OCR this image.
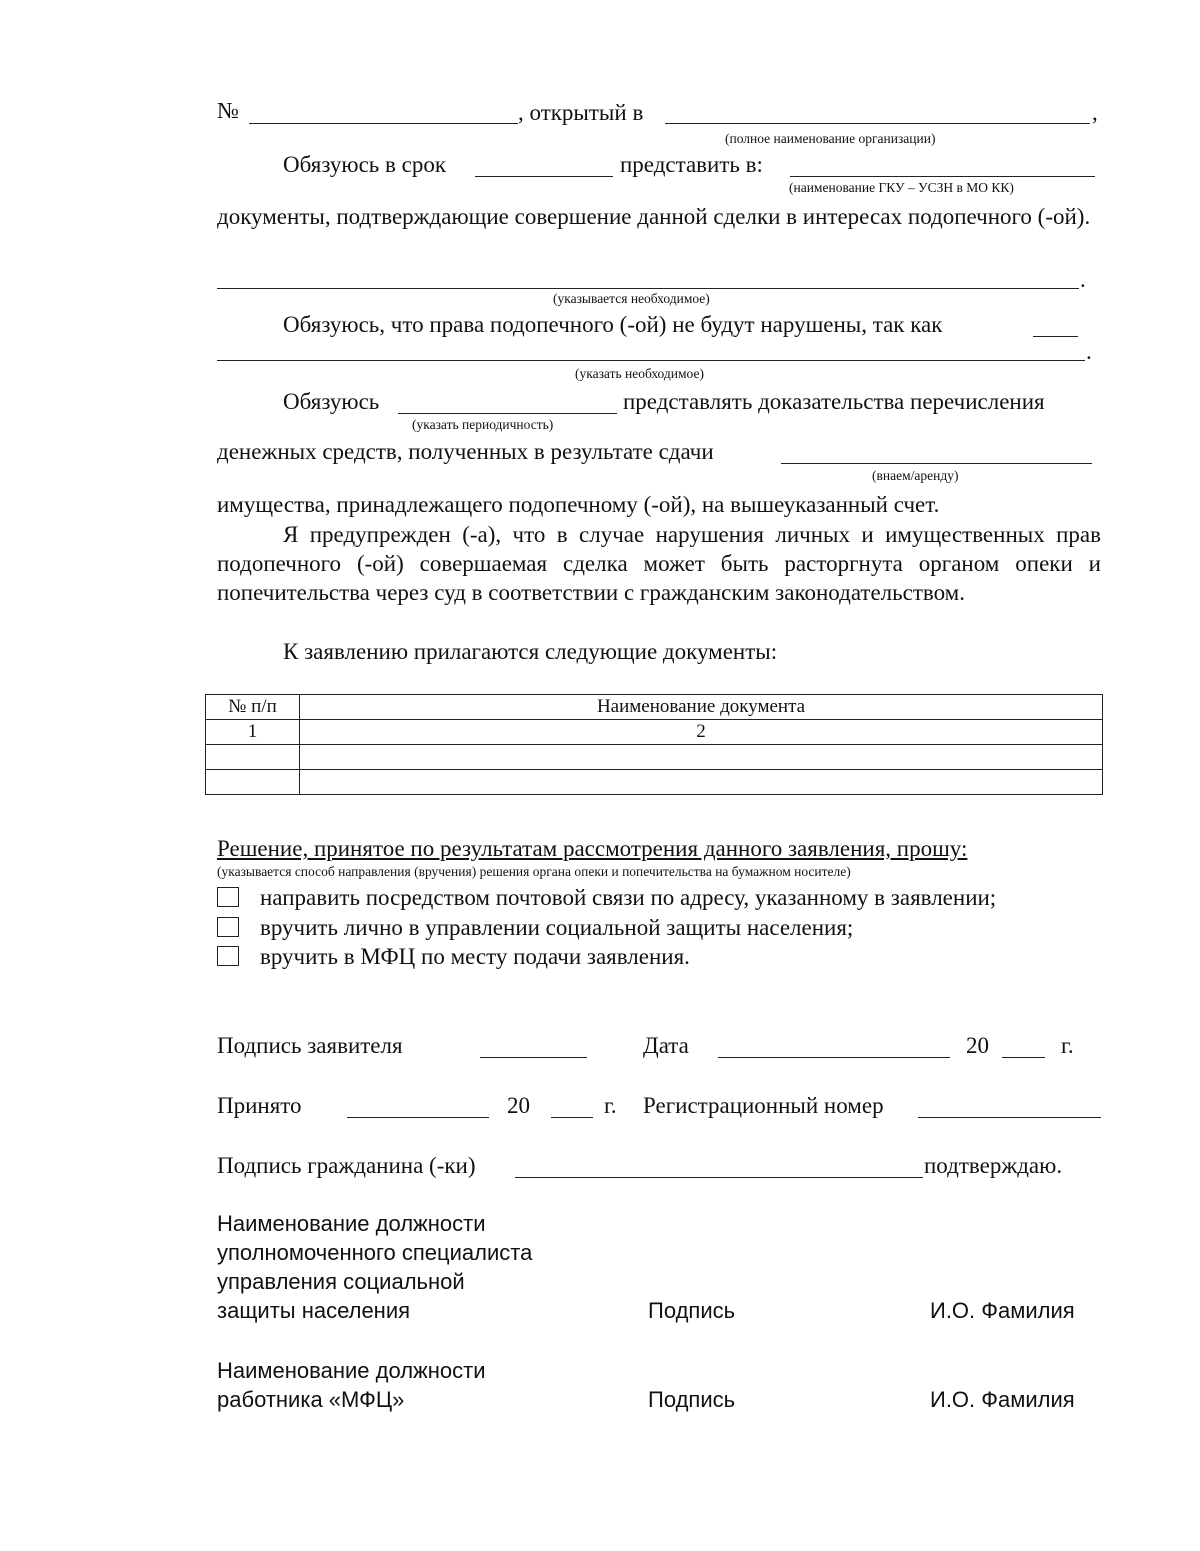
№	, открытый в	,
(полное наименование организации)
Обязуюсь в срок	представить в:
(наименование ГКУ – УСЗН в МО КК)
документы, подтверждающие совершение данной сделки в интересах подопечного (-ой).
.
(указывается необходимое)
Обязуюсь, что права подопечного (-ой) не будут нарушены, так как
.
(указать необходимое)
Обязуюсь	представлять доказательства перечисления
(указать периодичность)
денежных средств, полученных в результате сдачи
(внаем/аренду)
имущества, принадлежащего подопечному (-ой), на вышеуказанный счет.
Я предупрежден (-а), что в случае нарушения личных и имущественных прав подопечного (-ой) совершаемая сделка может быть расторгнута органом опеки и попечительства через суд в соответствии с гражданским законодательством.
К заявлению прилагаются следующие документы:
№ п/п	Наименование документа
1	2

Решение, принятое по результатам рассмотрения данного заявления, прошу:
(указывается способ направления (вручения) решения органа опеки и попечительства на бумажном носителе)
направить посредством почтовой связи по адресу, указанному в заявлении;
вручить лично в управлении социальной защиты населения;
вручить в МФЦ по месту подачи заявления.
Подпись заявителя	Дата	20	г.
Принято	20	г. Регистрационный номер
Подпись гражданина (-ки)	подтверждаю.
Наименование должности
уполномоченного специалиста
управления социальной
защиты населения	Подпись	И.О. Фамилия
Наименование должности
работника «МФЦ»	Подпись	И.О. Фамилия
